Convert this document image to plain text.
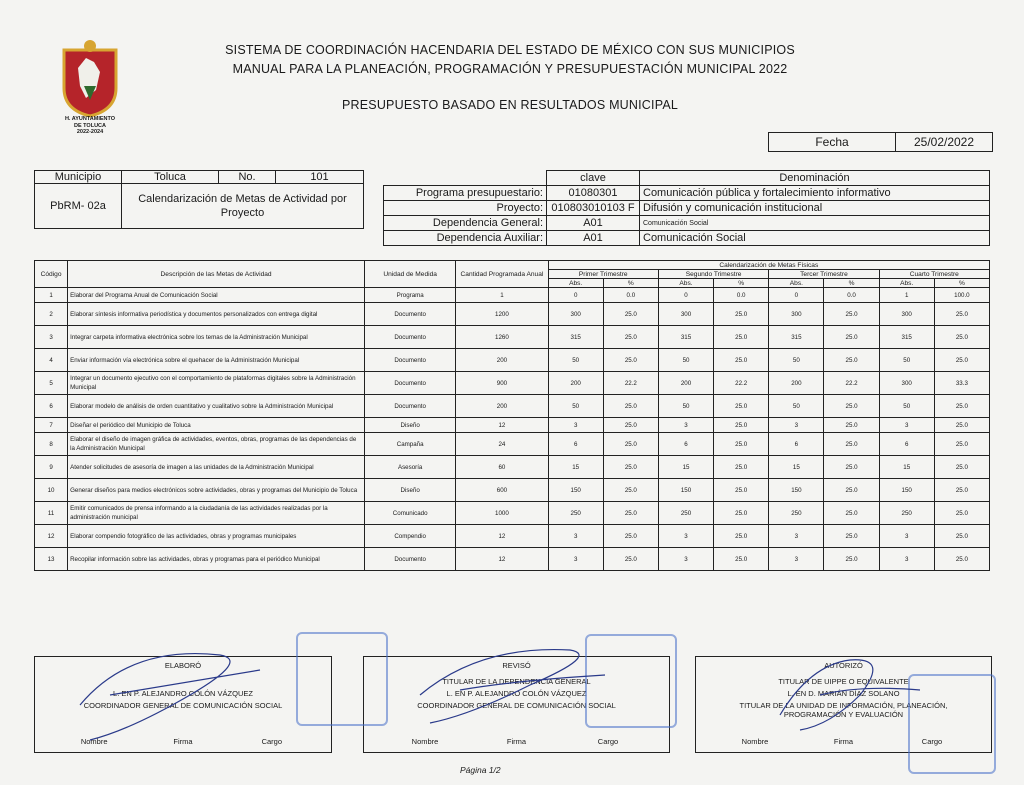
H. AYUNTAMIENTO
DE TOLUCA
2022-2024
SISTEMA DE COORDINACIÓN HACENDARIA DEL ESTADO DE MÉXICO CON SUS MUNICIPIOS
MANUAL PARA LA PLANEACIÓN, PROGRAMACIÓN Y PRESUPUESTACIÓN MUNICIPAL 2022
PRESUPUESTO BASADO EN RESULTADOS MUNICIPAL
Fecha	25/02/2022
Municipio	Toluca	No.	101
PbRM- 02a	Calendarización de Metas de Actividad por Proyecto		
	clave	Denominación
Programa presupuestario:	01080301	Comunicación pública y fortalecimiento informativo
Proyecto:	010803010103 F	Difusión y comunicación institucional
Dependencia General:	A01	Comunicación Social
Dependencia Auxiliar:	A01	Comunicación Social
Código	Descripción de las Metas de Actividad	Unidad de Medida	Cantidad Programada Anual	Calendarización de Metas Físicas							
				Primer Trimestre		Segundo Trimestre		Tercer Trimestre		Cuarto Trimestre	
				Abs.	%	Abs.	%	Abs.	%	Abs.	%
1	Elaborar del Programa Anual de Comunicación Social	Programa	1	0	0.0	0	0.0	0	0.0	1	100.0
2	Elaborar síntesis informativa periodística y documentos personalizados con entrega digital	Documento	1200	300	25.0	300	25.0	300	25.0	300	25.0
3	Integrar carpeta informativa electrónica sobre los temas de la Administración Municipal	Documento	1260	315	25.0	315	25.0	315	25.0	315	25.0
4	Enviar información vía electrónica sobre el quehacer de la Administración Municipal	Documento	200	50	25.0	50	25.0	50	25.0	50	25.0
5	Integrar un documento ejecutivo con el comportamiento de plataformas digitales sobre la Administración Municipal	Documento	900	200	22.2	200	22.2	200	22.2	300	33.3
6	Elaborar modelo de análisis de orden cuantitativo y cualitativo sobre la Administración Municipal	Documento	200	50	25.0	50	25.0	50	25.0	50	25.0
7	Diseñar el periódico del Municipio de Toluca	Diseño	12	3	25.0	3	25.0	3	25.0	3	25.0
8	Elaborar el diseño de imagen gráfica de actividades, eventos, obras, programas de las dependencias de la Administración Municipal	Campaña	24	6	25.0	6	25.0	6	25.0	6	25.0
9	Atender solicitudes de asesoría de imagen a las unidades de la Administración Municipal	Asesoría	60	15	25.0	15	25.0	15	25.0	15	25.0
10	Generar diseños para medios electrónicos sobre actividades, obras y programas del Municipio de Toluca	Diseño	600	150	25.0	150	25.0	150	25.0	150	25.0
11	Emitir comunicados de prensa informando a la ciudadanía de las actividades realizadas por la administración municipal	Comunicado	1000	250	25.0	250	25.0	250	25.0	250	25.0
12	Elaborar compendio fotográfico de las actividades, obras y programas municipales	Compendio	12	3	25.0	3	25.0	3	25.0	3	25.0
13	Recopilar información sobre las actividades, obras y programas para el periódico Municipal	Documento	12	3	25.0	3	25.0	3	25.0	3	25.0
ELABORÓ
L. EN P. ALEJANDRO COLÓN VÁZQUEZ
COORDINADOR GENERAL DE COMUNICACIÓN SOCIAL
Nombre	Firma	Cargo
REVISÓ
TITULAR DE LA DEPENDENCIA GENERAL
L. EN P. ALEJANDRO COLÓN VÁZQUEZ
COORDINADOR GENERAL DE COMUNICACIÓN SOCIAL
Nombre	Firma	Cargo
AUTORIZÓ
TITULAR DE UIPPE O EQUIVALENTE
L. EN D. MARIÁN DÍAZ SOLANO
TITULAR DE LA UNIDAD DE INFORMACIÓN, PLANEACIÓN, PROGRAMACIÓN Y EVALUACIÓN
Nombre	Firma	Cargo
Página 1/2
